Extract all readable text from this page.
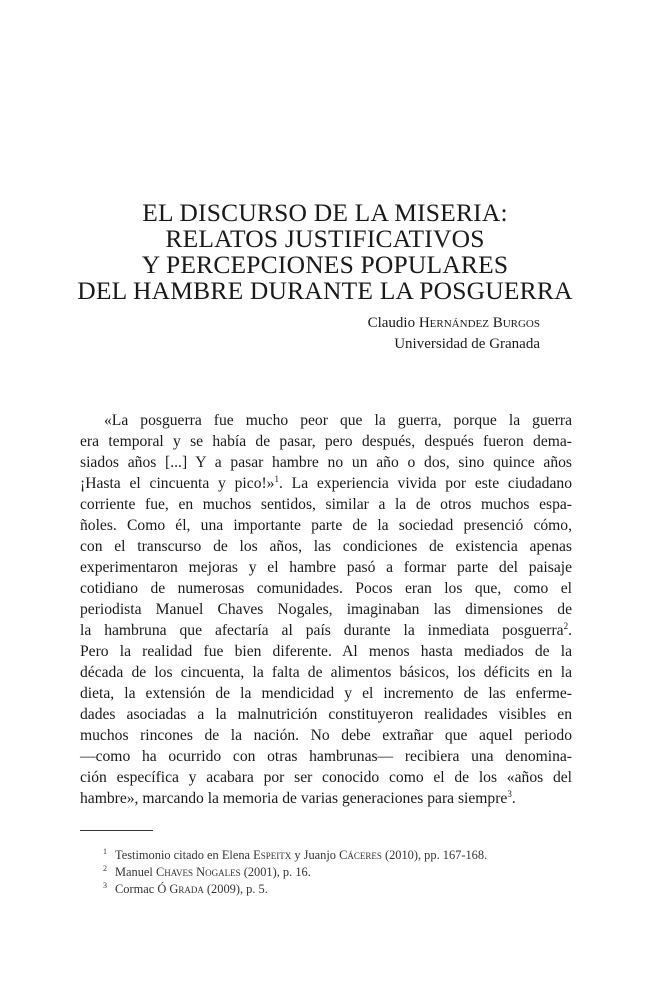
EL DISCURSO DE LA MISERIA:
RELATOS JUSTIFICATIVOS
Y PERCEPCIONES POPULARES
DEL HAMBRE DURANTE LA POSGUERRA
Claudio Hernández Burgos
Universidad de Granada
«La posguerra fue mucho peor que la guerra, porque la guerra
era temporal y se había de pasar, pero después, después fueron dema-
siados años [...] Y a pasar hambre no un año o dos, sino quince años
¡Hasta el cincuenta y pico!»$^1$. La experiencia vivida por este ciudadano
corriente fue, en muchos sentidos, similar a la de otros muchos espa-
ñoles. Como él, una importante parte de la sociedad presenció cómo,
con el transcurso de los años, las condiciones de existencia apenas
experimentaron mejoras y el hambre pasó a formar parte del paisaje
cotidiano de numerosas comunidades. Pocos eran los que, como el
periodista Manuel Chaves Nogales, imaginaban las dimensiones de
la hambruna que afectaría al país durante la inmediata posguerra$^2$.
Pero la realidad fue bien diferente. Al menos hasta mediados de la
década de los cincuenta, la falta de alimentos básicos, los déficits en la
dieta, la extensión de la mendicidad y el incremento de las enferme-
dades asociadas a la malnutrición constituyeron realidades visibles en
muchos rincones de la nación. No debe extrañar que aquel periodo
—como ha ocurrido con otras hambrunas— recibiera una denomina-
ción específica y acabara por ser conocido como el de los «años del
hambre», marcando la memoria de varias generaciones para siempre$^3$.
1 Testimonio citado en Elena Espeitx y Juanjo Cáceres (2010), pp. 167-168.
2 Manuel Chaves Nogales (2001), p. 16.
3 Cormac Ó Grada (2009), p. 5.
